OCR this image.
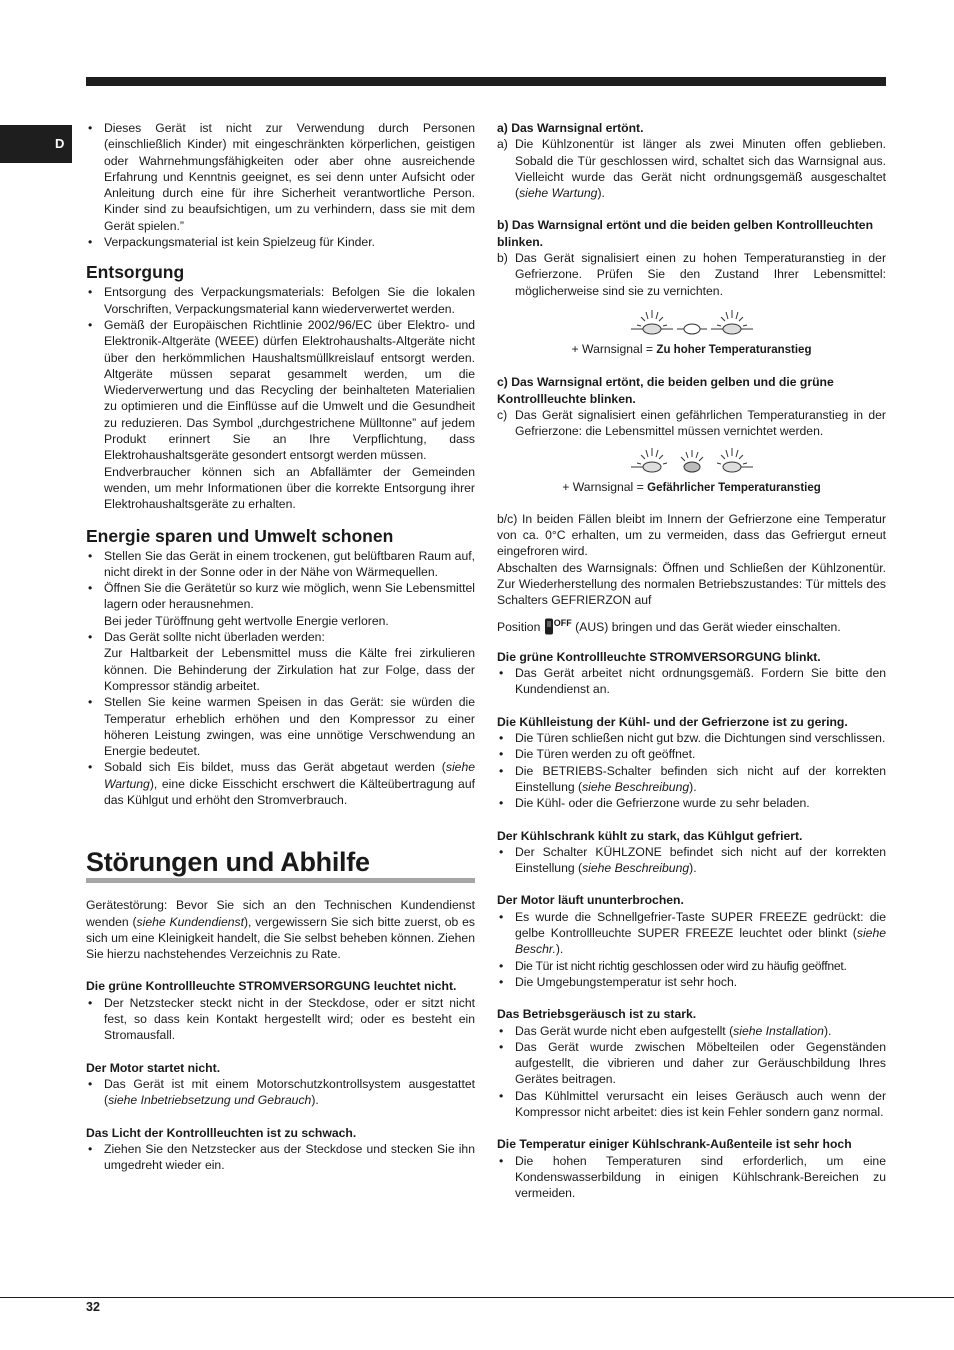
D
• Dieses Gerät ist nicht zur Verwendung durch Personen (einschließlich Kinder) mit eingeschränkten körperlichen, geistigen oder Wahrnehmungsfähigkeiten oder aber ohne ausreichende Erfahrung und Kenntnis geeignet, es sei denn unter Aufsicht oder Anleitung durch eine für ihre Sicherheit verantwortliche Person. Kinder sind zu beaufsichtigen, um zu verhindern, dass sie mit dem Gerät spielen.”
• Verpackungsmaterial ist kein Spielzeug für Kinder.
Entsorgung
• Entsorgung des Verpackungsmaterials: Befolgen Sie die lokalen Vorschriften, Verpackungsmaterial kann wiederverwertet werden.
• Gemäß der Europäischen Richtlinie 2002/96/EC über Elektro- und Elektronik-Altgeräte (WEEE) dürfen Elektrohaushalts-Altgeräte nicht über den herkömmlichen Haushaltsmüllkreislauf entsorgt werden. Altgeräte müssen separat gesammelt werden, um die Wiederverwertung und das Recycling der beinhalteten Materialien zu optimieren und die Einflüsse auf die Umwelt und die Gesundheit zu reduzieren. Das Symbol „durchgestrichene Mülltonne” auf jedem Produkt erinnert Sie an Ihre Verpflichtung, dass Elektrohaushaltsgeräte gesondert entsorgt werden müssen.
Endverbraucher können sich an Abfallämter der Gemeinden wenden, um mehr Informationen über die korrekte Entsorgung ihrer Elektrohaushaltsgeräte zu erhalten.
Energie sparen und Umwelt schonen
• Stellen Sie das Gerät in einem trockenen, gut belüftbaren Raum auf, nicht direkt in der Sonne oder in der Nähe von Wärmequellen.
• Öffnen Sie die Gerätetür so kurz wie möglich, wenn Sie Lebensmittel lagern oder herausnehmen.
Bei jeder Türöffnung geht wertvolle Energie verloren.
• Das Gerät sollte nicht überladen werden:
Zur Haltbarkeit der Lebensmittel muss die Kälte frei zirkulieren können. Die Behinderung der Zirkulation hat zur Folge, dass der Kompressor ständig arbeitet.
• Stellen Sie keine warmen Speisen in das Gerät: sie würden die Temperatur erheblich erhöhen und den Kompressor zu einer höheren Leistung zwingen, was eine unnötige Verschwendung an Energie bedeutet.
• Sobald sich Eis bildet, muss das Gerät abgetaut werden (siehe Wartung), eine dicke Eisschicht erschwert die Kälteübertragung auf das Kühlgut und erhöht den Stromverbrauch.
Störungen und Abhilfe

Gerätestörung: Bevor Sie sich an den Technischen Kundendienst wenden (siehe Kundendienst), vergewissern Sie sich bitte zuerst, ob es sich um eine Kleinigkeit handelt, die Sie selbst beheben können. Ziehen Sie hierzu nachstehendes Verzeichnis zu Rate.

Die grüne Kontrollleuchte STROMVERSORGUNG leuchtet nicht.
• Der Netzstecker steckt nicht in der Steckdose, oder er sitzt nicht fest, so dass kein Kontakt hergestellt wird; oder es besteht ein Stromausfall.
Der Motor startet nicht.
• Das Gerät ist mit einem Motorschutzkontrollsystem ausgestattet (siehe Inbetriebsetzung und Gebrauch).
Das Licht der Kontrollleuchten ist zu schwach.
• Ziehen Sie den Netzstecker aus der Steckdose und stecken Sie ihn umgedreht wieder ein.
a) Das Warnsignal ertönt.
a) Die Kühlzonentür ist länger als zwei Minuten offen geblieben. Sobald die Tür geschlossen wird, schaltet sich das Warnsignal aus. Vielleicht wurde das Gerät nicht ordnungsgemäß ausgeschaltet (siehe Wartung).
b) Das Warnsignal ertönt und die beiden gelben Kontrollleuchten blinken.
b) Das Gerät signalisiert einen zu hohen Temperaturanstieg in der Gefrierzone. Prüfen Sie den Zustand Ihrer Lebensmittel: möglicherweise sind sie zu vernichten.
+ Warnsignal = Zu hoher Temperaturanstieg
c) Das Warnsignal ertönt, die beiden gelben und die grüne Kontrollleuchte blinken.
c) Das Gerät signalisiert einen gefährlichen Temperaturanstieg in der Gefrierzone: die Lebensmittel müssen vernichtet werden.
+ Warnsignal = Gefährlicher Temperaturanstieg

b/c) In beiden Fällen bleibt im Innern der Gefrierzone eine Temperatur von ca. 0°C erhalten, um zu vermeiden, dass das Gefriergut erneut eingefroren wird.

Abschalten des Warnsignals: Öffnen und Schließen der Kühlzonentür. Zur Wiederherstellung des normalen Betriebszustandes: Tür mittels des Schalters GEFRIERZON auf

Position $^{OFF}$ (AUS) bringen und das Gerät wieder einschalten.

Die grüne Kontrollleuchte STROMVERSORGUNG blinkt.
• Das Gerät arbeitet nicht ordnungsgemäß. Fordern Sie bitte den Kundendienst an.
Die Kühlleistung der Kühl- und der Gefrierzone ist zu gering.
• Die Türen schließen nicht gut bzw. die Dichtungen sind verschlissen.
• Die Türen werden zu oft geöffnet.
• Die BETRIEBS-Schalter befinden sich nicht auf der korrekten Einstellung (siehe Beschreibung).
• Die Kühl- oder die Gefrierzone wurde zu sehr beladen.
Der Kühlschrank kühlt zu stark, das Kühlgut gefriert.
• Der Schalter KÜHLZONE befindet sich nicht auf der korrekten Einstellung (siehe Beschreibung).
Der Motor läuft ununterbrochen.
• Es wurde die Schnellgefrier-Taste SUPER FREEZE gedrückt: die gelbe Kontrollleuchte SUPER FREEZE leuchtet oder blinkt (siehe Beschr.).
• Die Tür ist nicht richtig geschlossen oder wird zu häufig geöffnet.
• Die Umgebungstemperatur ist sehr hoch.
Das Betriebsgeräusch ist zu stark.
• Das Gerät wurde nicht eben aufgestellt (siehe Installation).
• Das Gerät wurde zwischen Möbelteilen oder Gegenständen aufgestellt, die vibrieren und daher zur Geräuschbildung Ihres Gerätes beitragen.
• Das Kühlmittel verursacht ein leises Geräusch auch wenn der Kompressor nicht arbeitet: dies ist kein Fehler sondern ganz normal.
Die Temperatur einiger Kühlschrank-Außenteile ist sehr hoch
• Die hohen Temperaturen sind erforderlich, um eine Kondenswasserbildung in einigen Kühlschrank-Bereichen zu vermeiden.
32
